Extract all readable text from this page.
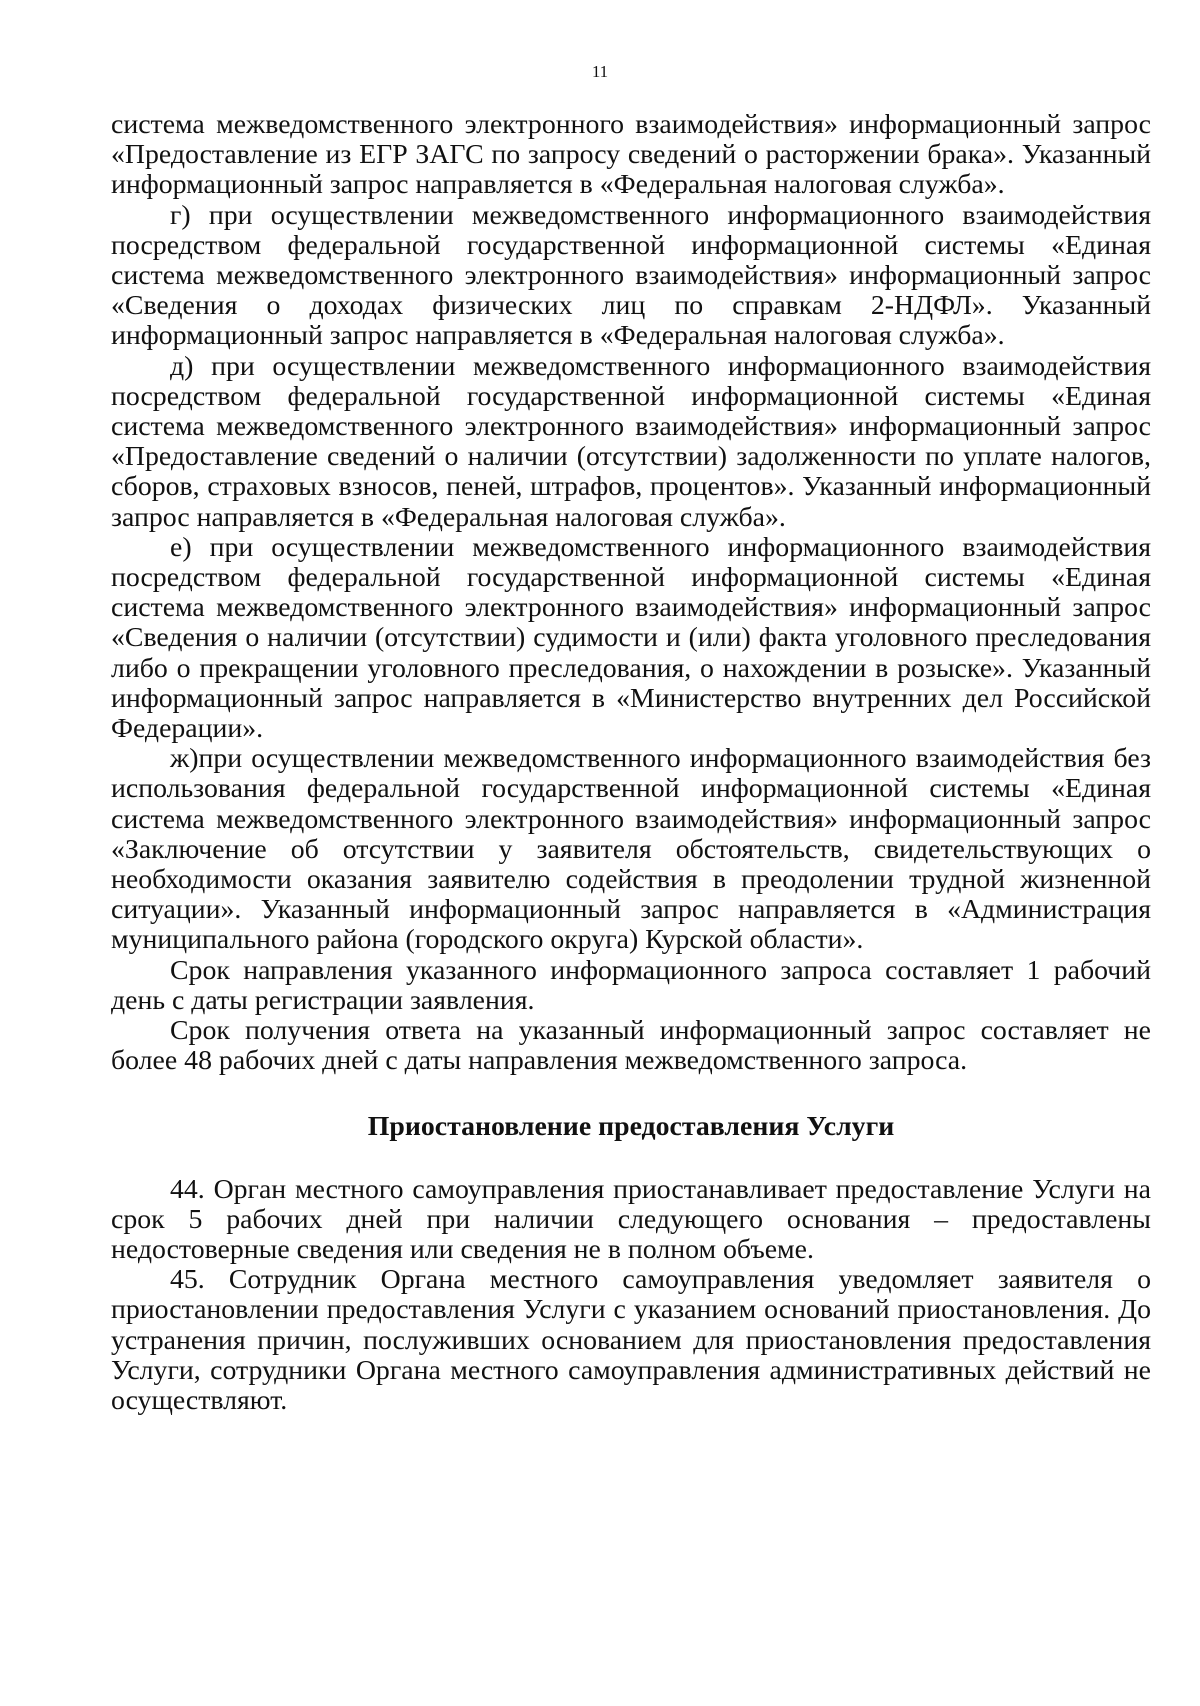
11

система межведомственного электронного взаимодействия» информационный запрос «Предоставление из ЕГР ЗАГС по запросу сведений о расторжении брака». Указанный информационный запрос направляется в «Федеральная налоговая служба».

г) при осуществлении межведомственного информационного взаимодействия посредством федеральной государственной информационной системы «Единая система межведомственного электронного взаимодействия» информационный запрос «Сведения о доходах физических лиц по справкам 2-НДФЛ». Указанный информационный запрос направляется в «Федеральная налоговая служба».

д) при осуществлении межведомственного информационного взаимодействия посредством федеральной государственной информационной системы «Единая система межведомственного электронного взаимодействия» информационный запрос «Предоставление сведений о наличии (отсутствии) задолженности по уплате налогов, сборов, страховых взносов, пеней, штрафов, процентов». Указанный информационный запрос направляется в «Федеральная налоговая служба».

е) при осуществлении межведомственного информационного взаимодействия посредством федеральной государственной информационной системы «Единая система межведомственного электронного взаимодействия» информационный запрос «Сведения о наличии (отсутствии) судимости и (или) факта уголовного преследования либо о прекращении уголовного преследования, о нахождении в розыске». Указанный информационный запрос направляется в «Министерство внутренних дел Российской Федерации».

ж)при осуществлении межведомственного информационного взаимодействия без использования федеральной государственной информационной системы «Единая система межведомственного электронного взаимодействия» информационный запрос «Заключение об отсутствии у заявителя обстоятельств, свидетельствующих о необходимости оказания заявителю содействия в преодолении трудной жизненной ситуации». Указанный информационный запрос направляется в «Администрация муниципального района (городского округа) Курской области».

Срок направления указанного информационного запроса составляет 1 рабочий день с даты регистрации заявления.

Срок получения ответа на указанный информационный запрос составляет не более 48 рабочих дней с даты направления межведомственного запроса.

Приостановление предоставления Услуги

44. Орган местного самоуправления приостанавливает предоставление Услуги на срок 5 рабочих дней при наличии следующего основания – предоставлены недостоверные сведения или сведения не в полном объеме.

45. Сотрудник Органа местного самоуправления уведомляет заявителя о приостановлении предоставления Услуги с указанием оснований приостановления. До устранения причин, послуживших основанием для приостановления предоставления Услуги, сотрудники Органа местного самоуправления административных действий не осуществляют.
